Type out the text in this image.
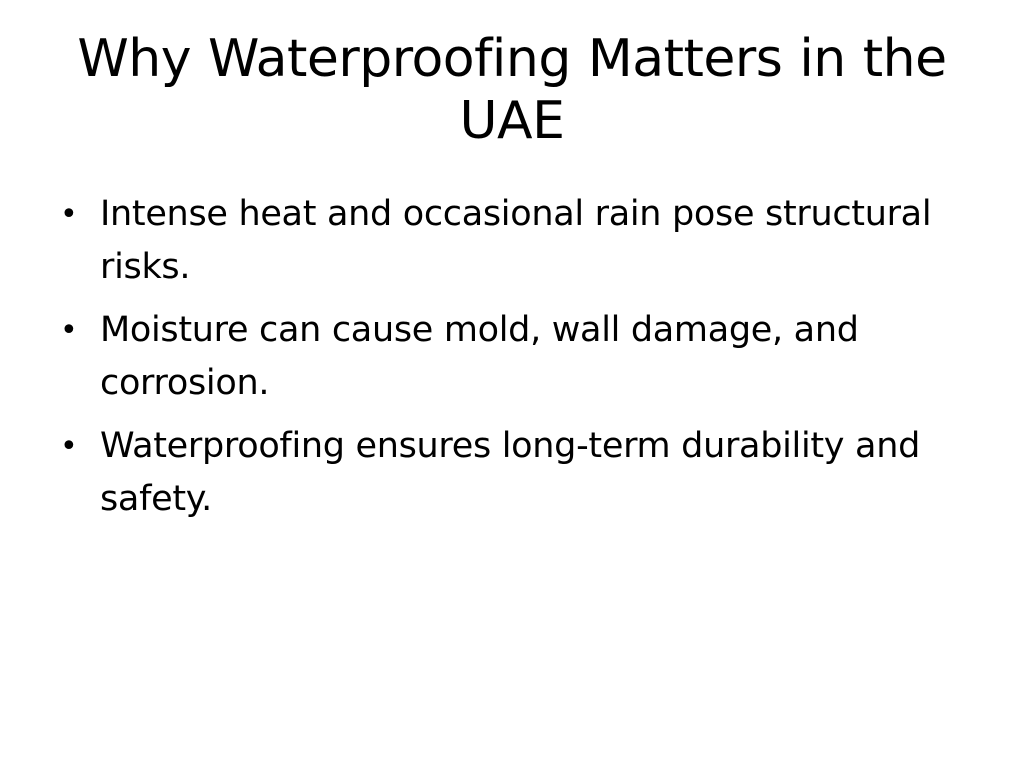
Why Waterproofing Matters in the UAE
• Intense heat and occasional rain pose structural risks.
• Moisture can cause mold, wall damage, and corrosion.
• Waterproofing ensures long-term durability and safety.
